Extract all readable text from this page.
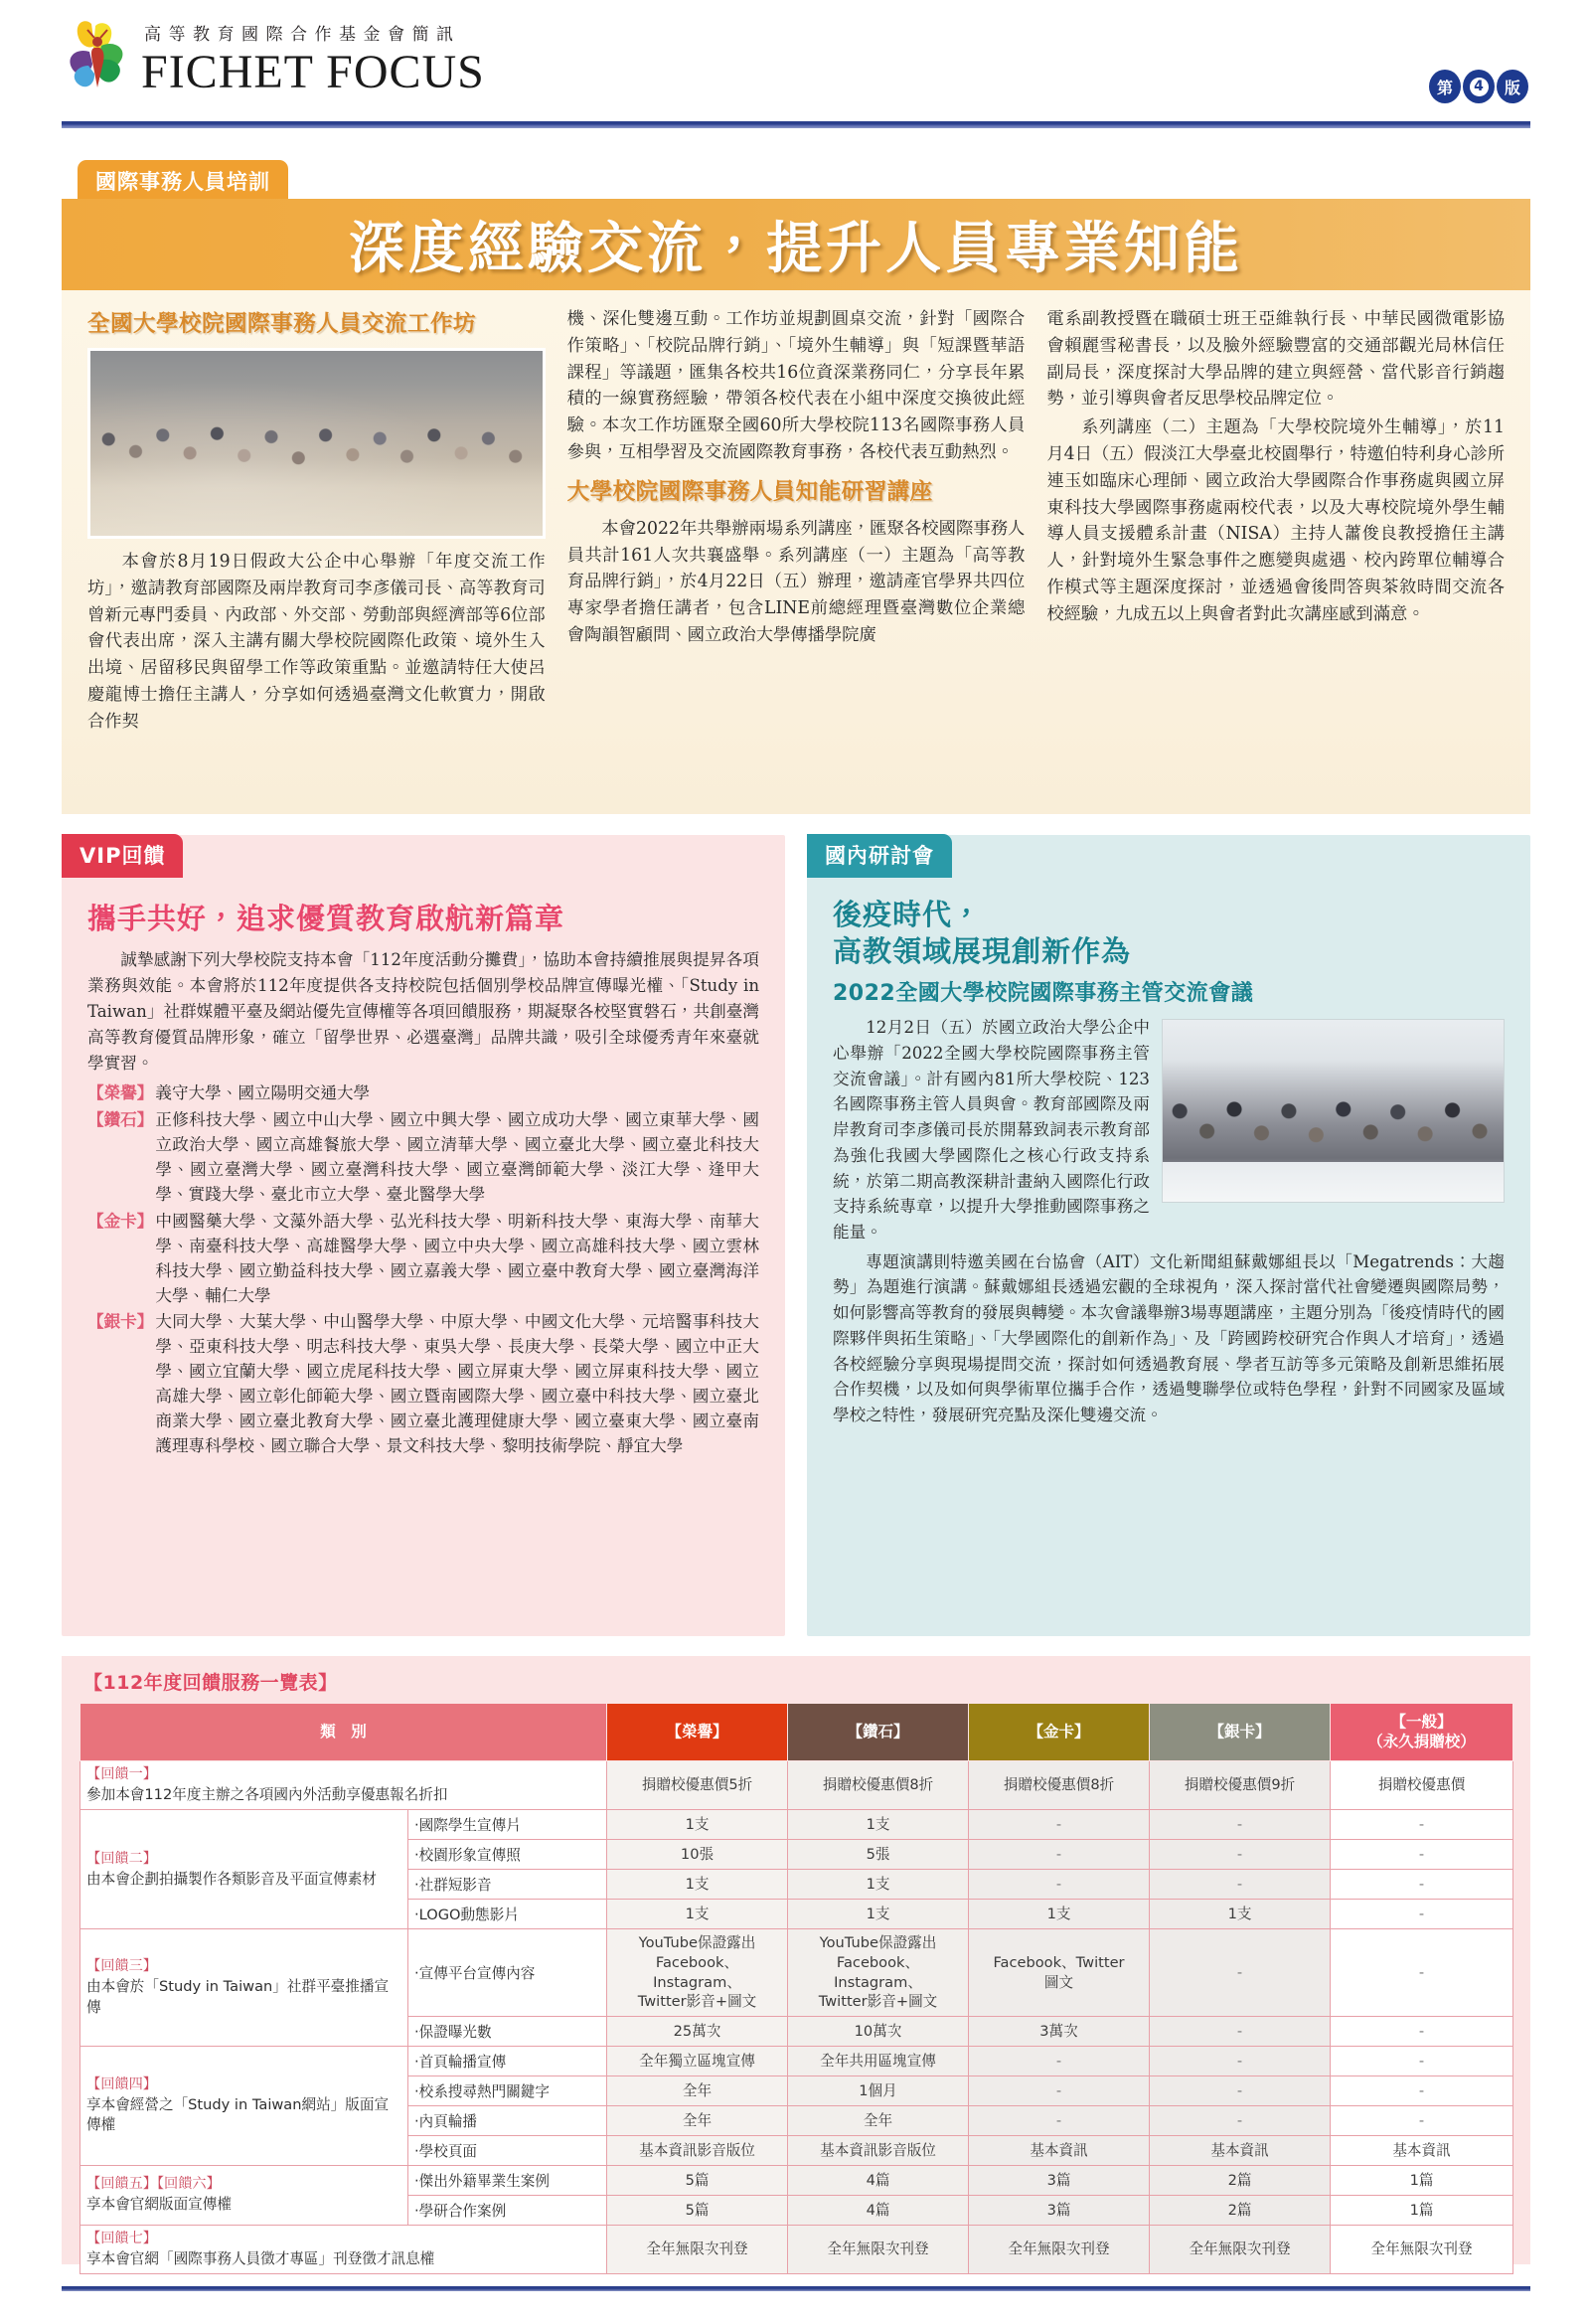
高等教育國際合作基金會簡訊
FICHET FOCUS	第	4	版
國際事務人員培訓
深度經驗交流，提升人員專業知能
全國大學校院國際事務人員交流工作坊

本會於8月19日假政大公企中心舉辦「年度交流工作坊」，邀請教育部國際及兩岸教育司李彥儀司長、高等教育司曾新元專門委員、內政部、外交部、勞動部與經濟部等6位部會代表出席，深入主講有關大學校院國際化政策、境外生入出境、居留移民與留學工作等政策重點。並邀請特任大使呂慶龍博士擔任主講人，分享如何透過臺灣文化軟實力，開啟合作契

機、深化雙邊互動。工作坊並規劃圓桌交流，針對「國際合作策略」、「校院品牌行銷」、「境外生輔導」與「短課暨華語課程」等議題，匯集各校共16位資深業務同仁，分享長年累積的一線實務經驗，帶領各校代表在小組中深度交換彼此經驗。本次工作坊匯聚全國60所大學校院113名國際事務人員參與，互相學習及交流國際教育事務，各校代表互動熱烈。

大學校院國際事務人員知能研習講座

本會2022年共舉辦兩場系列講座，匯聚各校國際事務人員共計161人次共襄盛舉。系列講座（一）主題為「高等教育品牌行銷」，於4月22日（五）辦理，邀請產官學界共四位專家學者擔任講者，包含LINE前總經理暨臺灣數位企業總會陶韻智顧問、國立政治大學傳播學院廣

電系副教授暨在職碩士班王亞維執行長、中華民國微電影協會賴麗雪秘書長，以及臉外經驗豐富的交通部觀光局林信任副局長，深度探討大學品牌的建立與經營、當代影音行銷趨勢，並引導與會者反思學校品牌定位。

系列講座（二）主題為「大學校院境外生輔導」，於11月4日（五）假淡江大學臺北校園舉行，特邀伯特利身心診所連玉如臨床心理師、國立政治大學國際合作事務處與國立屏東科技大學國際事務處兩校代表，以及大專校院境外學生輔導人員支援體系計畫（NISA）主持人蕭俊良教授擔任主講人，針對境外生緊急事件之應變與處遇、校內跨單位輔導合作模式等主題深度探討，並透過會後問答與茶敘時間交流各校經驗，九成五以上與會者對此次講座感到滿意。

VIP回饋
攜手共好，追求優質教育啟航新篇章

誠摯感謝下列大學校院支持本會「112年度活動分攤費」，協助本會持續推展與提昇各項業務與效能。本會將於112年度提供各支持校院包括個別學校品牌宣傳曝光權、「Study in Taiwan」社群媒體平臺及網站優先宣傳權等各項回饋服務，期凝聚各校堅實磐石，共創臺灣高等教育優質品牌形象，確立「留學世界、必選臺灣」品牌共識，吸引全球優秀青年來臺就學實習。

【榮譽】 義守大學、國立陽明交通大學
【鑽石】 正修科技大學、國立中山大學、國立中興大學、國立成功大學、國立東華大學、國立政治大學、國立高雄餐旅大學、國立清華大學、國立臺北大學、國立臺北科技大學、國立臺灣大學、國立臺灣科技大學、國立臺灣師範大學、淡江大學、逢甲大學、實踐大學、臺北市立大學、臺北醫學大學
【金卡】 中國醫藥大學、文藻外語大學、弘光科技大學、明新科技大學、東海大學、南華大學、南臺科技大學、高雄醫學大學、國立中央大學、國立高雄科技大學、國立雲林科技大學、國立勤益科技大學、國立嘉義大學、國立臺中教育大學、國立臺灣海洋大學、輔仁大學
【銀卡】 大同大學、大葉大學、中山醫學大學、中原大學、中國文化大學、元培醫事科技大學、亞東科技大學、明志科技大學、東吳大學、長庚大學、長榮大學、國立中正大學、國立宜蘭大學、國立虎尾科技大學、國立屏東大學、國立屏東科技大學、國立高雄大學、國立彰化師範大學、國立暨南國際大學、國立臺中科技大學、國立臺北商業大學、國立臺北教育大學、國立臺北護理健康大學、國立臺東大學、國立臺南護理專科學校、國立聯合大學、景文科技大學、黎明技術學院、靜宜大學
國內研討會
後疫時代，
高教領域展現創新作為
2022全國大學校院國際事務主管交流會議

12月2日（五）於國立政治大學公企中心舉辦「2022全國大學校院國際事務主管交流會議」。計有國內81所大學校院、123名國際事務主管人員與會。教育部國際及兩岸教育司李彥儀司長於開幕致詞表示教育部為強化我國大學國際化之核心行政支持系統，於第二期高教深耕計畫納入國際化行政支持系統專章，以提升大學推動國際事務之能量。

專題演講則特邀美國在台協會（AIT）文化新聞組蘇戴娜組長以「Megatrends：大趨勢」為題進行演講。蘇戴娜組長透過宏觀的全球視角，深入探討當代社會變遷與國際局勢，如何影響高等教育的發展與轉變。本次會議舉辦3場專題講座，主題分別為「後疫情時代的國際夥伴與拓生策略」、「大學國際化的創新作為」、及「跨國跨校研究合作與人才培育」，透過各校經驗分享與現場提問交流，探討如何透過教育展、學者互訪等多元策略及創新思維拓展合作契機，以及如何與學術單位攜手合作，透過雙聯學位或特色學程，針對不同國家及區域學校之特性，發展研究亮點及深化雙邊交流。

【112年度回饋服務一覽表】
類　別		【榮譽】	【鑽石】	【金卡】	【銀卡】	【一般】
（永久捐贈校）

【回饋一】
參加本會112年度主辦之各項國內外活動享優惠報名折扣		捐贈校優惠價5折	捐贈校優惠價8折	捐贈校優惠價8折	捐贈校優惠價9折	捐贈校優惠價

【回饋二】
由本會企劃拍攝製作各類影音及平面宣傳素材	‧國際學生宣傳片	1支	1支	-	-	-
	‧校園形象宣傳照	10張	5張	-	-	-
	‧社群短影音	1支	1支	-	-	-
	‧LOGO動態影片	1支	1支	1支	1支	-

【回饋三】
由本會於「Study in Taiwan」社群平臺推播宣傳	‧宣傳平台宣傳內容	YouTube保證露出
Facebook、Instagram、
Twitter影音+圖文	YouTube保證露出
Facebook、Instagram、
Twitter影音+圖文	Facebook、Twitter
圖文	-	-
	‧保證曝光數	25萬次	10萬次	3萬次	-	-

【回饋四】
享本會經營之「Study in Taiwan網站」版面宣傳權	‧首頁輪播宣傳	全年獨立區塊宣傳	全年共用區塊宣傳	-	-	-
	‧校系搜尋熱門關鍵字	全年	1個月	-	-	-
	‧內頁輪播	全年	全年	-	-	-
	‧學校頁面	基本資訊影音版位	基本資訊影音版位	基本資訊	基本資訊	基本資訊

【回饋五】【回饋六】
享本會官網版面宣傳權	‧傑出外籍畢業生案例	5篇	4篇	3篇	2篇	1篇
	‧學研合作案例	5篇	4篇	3篇	2篇	1篇

【回饋七】
享本會官網「國際事務人員徵才專區」刊登徵才訊息權		全年無限次刊登	全年無限次刊登	全年無限次刊登	全年無限次刊登	全年無限次刊登
